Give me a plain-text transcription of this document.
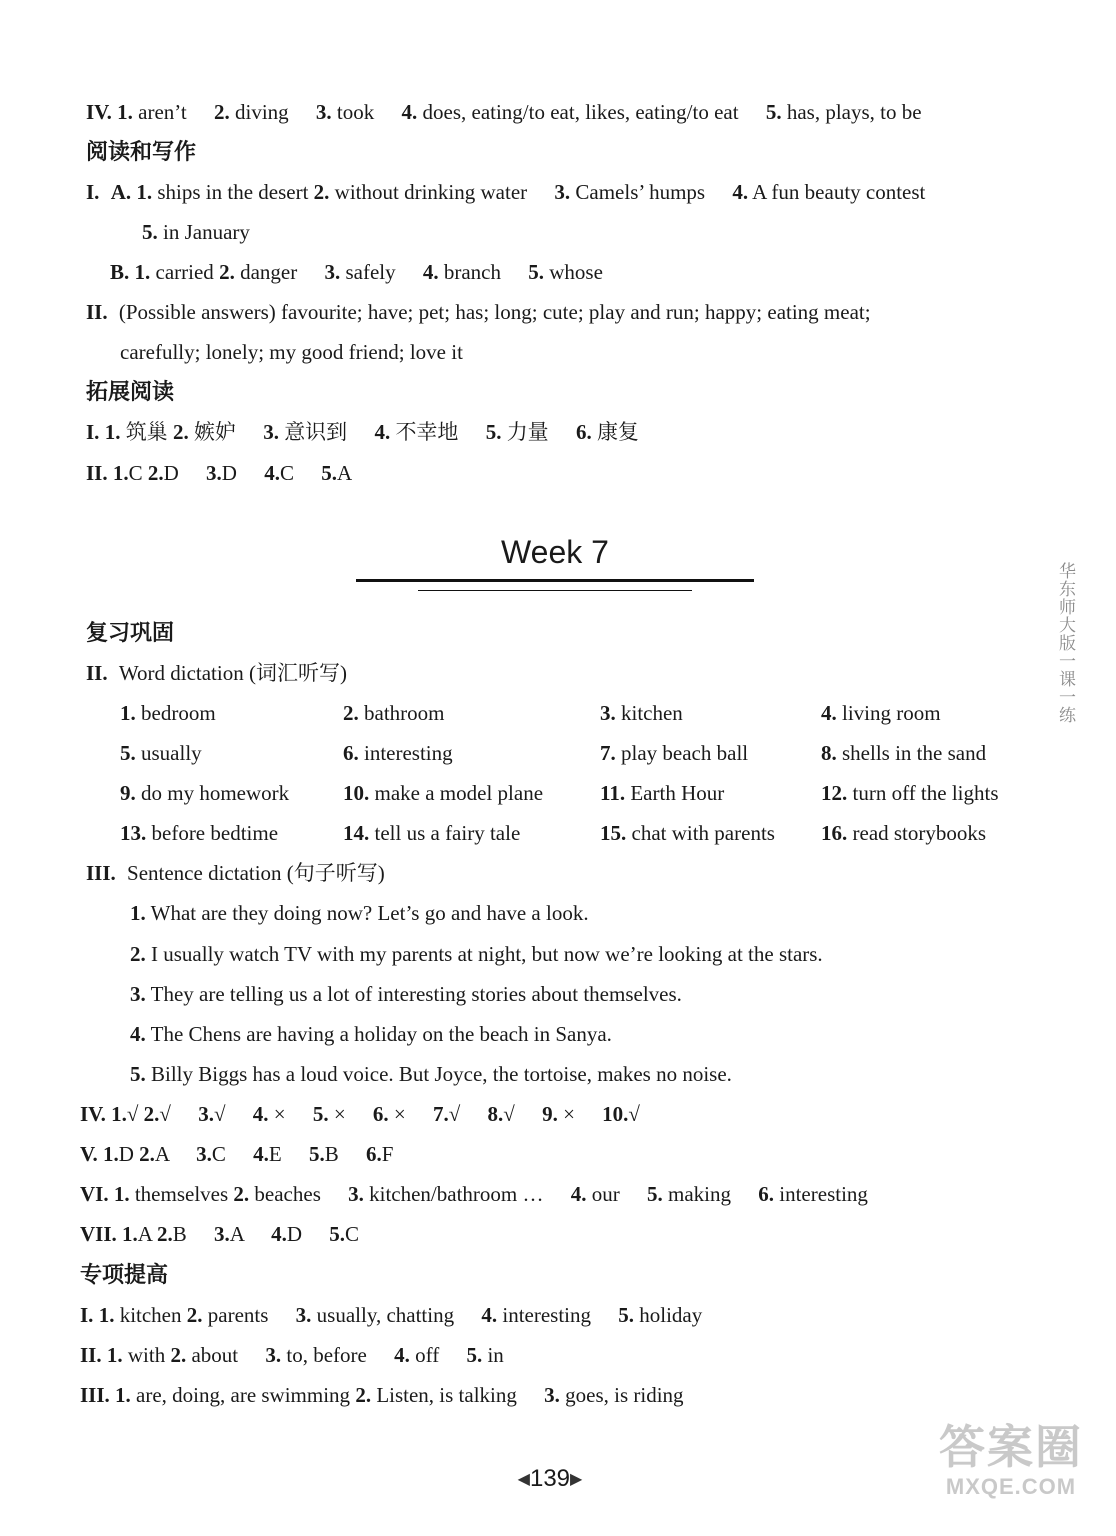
IV. 1. aren’t 2. diving 3. took 4. does, eating/to eat, likes, eating/to eat 5. has, plays, to be
阅读和写作
I. A. 1. ships in the desert 2. without drinking water 3. Camels’ humps 4. A fun beauty contest
5. in January
B. 1. carried 2. danger 3. safely 4. branch 5. whose
II. (Possible answers) favourite; have; pet; has; long; cute; play and run; happy; eating meat;
carefully; lonely; my good friend; love it
拓展阅读
I. 1. 筑巢 2. 嫉妒 3. 意识到 4. 不幸地 5. 力量 6. 康复
II. 1.C 2.D 3.D 4.C 5.A
Week 7
华东师大版一课一练
复习巩固
II. Word dictation (词汇听写)
1. bedroom	2. bathroom	3. kitchen	4. living room
5. usually	6. interesting	7. play beach ball	8. shells in the sand
9. do my homework	10. make a model plane	11. Earth Hour	12. turn off the lights
13. before bedtime	14. tell us a fairy tale	15. chat with parents 16. read storybooks
III. Sentence dictation (句子听写)
1. What are they doing now? Let’s go and have a look.
2. I usually watch TV with my parents at night, but now we’re looking at the stars.
3. They are telling us a lot of interesting stories about themselves.
4. The Chens are having a holiday on the beach in Sanya.
5. Billy Biggs has a loud voice. But Joyce, the tortoise, makes no noise.
IV. 1.√ 2.√ 3.√ 4. × 5. × 6. × 7.√ 8.√ 9. × 10.√
V. 1.D 2.A 3.C 4.E 5.B 6.F
VI. 1. themselves 2. beaches 3. kitchen/bathroom … 4. our 5. making 6. interesting
VII. 1.A 2.B 3.A 4.D 5.C
专项提高
I. 1. kitchen 2. parents 3. usually, chatting 4. interesting 5. holiday
II. 1. with 2. about 3. to, before 4. off 5. in
III. 1. are, doing, are swimming 2. Listen, is talking 3. goes, is riding
◀139▶
答案圈
MXQE.COM
